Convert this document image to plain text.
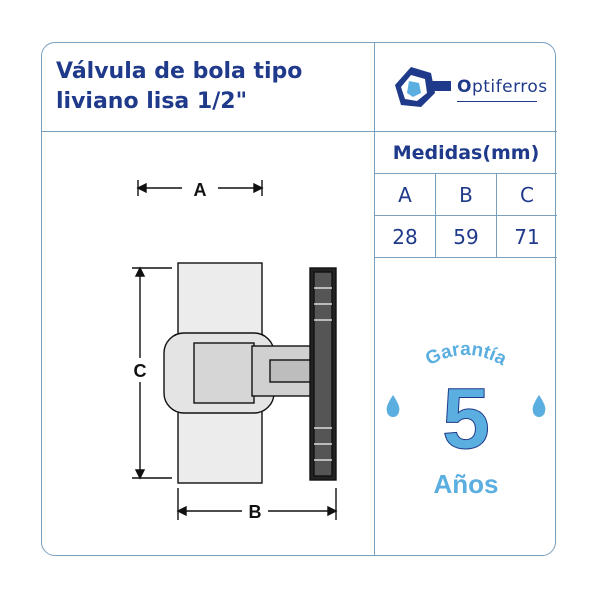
Válvula de bola tipo
liviano lisa 1/2"
A
C
B
Optiferros
Medidas(mm)
A	B	C
28	59	71
Garantía
5
Años
